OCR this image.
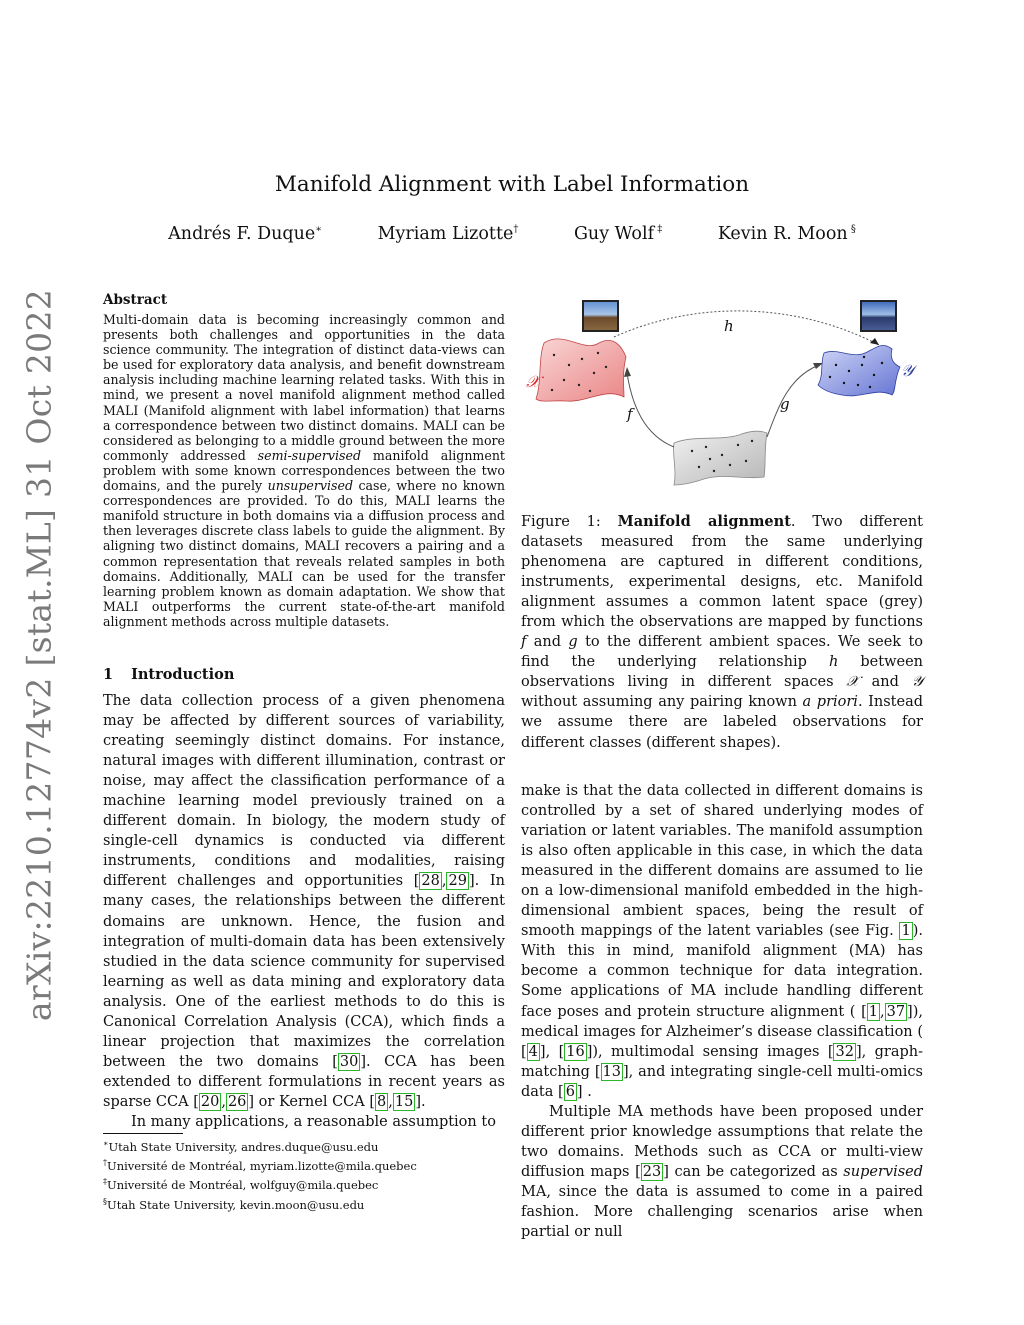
arXiv:2210.12774v2 [stat.ML] 31 Oct 2022
Manifold Alignment with Label Information
Andrés F. Duque∗	Myriam Lizotte†	Guy Wolf ‡	Kevin R. Moon §
Abstract
Multi-domain data is becoming increasingly common and presents both challenges and opportunities in the data science community. The integration of distinct data-views can be used for exploratory data analysis, and benefit downstream analysis including machine learning related tasks. With this in mind, we present a novel manifold alignment method called MALI (Manifold alignment with label information) that learns a correspondence between two distinct domains. MALI can be considered as belonging to a middle ground between the more commonly addressed semi-supervised manifold alignment problem with some known correspondences between the two domains, and the purely unsupervised case, where no known correspondences are provided. To do this, MALI learns the manifold structure in both domains via a diffusion process and then leverages discrete class labels to guide the alignment. By aligning two distinct domains, MALI recovers a pairing and a common representation that reveals related samples in both domains. Additionally, MALI can be used for the transfer learning problem known as domain adaptation. We show that MALI outperforms the current state-of-the-art manifold alignment methods across multiple datasets.
1 Introduction

The data collection process of a given phenomena may be affected by different sources of variability, creating seemingly distinct domains. For instance, natural images with different illumination, contrast or noise, may affect the classification performance of a machine learning model previously trained on a different domain. In biology, the modern study of single-cell dynamics is conducted via different instruments, conditions and modalities, raising different challenges and opportunities [ 28 , 29 ]. In many cases, the relationships between the different domains are unknown. Hence, the fusion and integration of multi-domain data has been extensively studied in the data science community for supervised learning as well as data mining and exploratory data analysis. One of the earliest methods to do this is Canonical Correlation Analysis (CCA), which finds a linear projection that maximizes the correlation between the two domains [ 30 ]. CCA has been extended to different formulations in recent years as sparse CCA [ 20 , 26 ] or Kernel CCA [ 8 , 15 ].

In many applications, a reasonable assumption to

𝒳
𝒴
h
f
g
Figure 1: Manifold alignment. Two different datasets measured from the same underlying phenomena are captured in different conditions, instruments, experimental designs, etc. Manifold alignment assumes a common latent space (grey) from which the observations are mapped by functions f and g to the different ambient spaces. We seek to find the underlying relationship h between observations living in different spaces 𝒳 and 𝒴 without assuming any pairing known a priori. Instead we assume there are labeled observations for different classes (different shapes).

make is that the data collected in different domains is controlled by a set of shared underlying modes of variation or latent variables. The manifold assumption is also often applicable in this case, in which the data measured in the different domains are assumed to lie on a low-dimensional manifold embedded in the high-dimensional ambient spaces, being the result of smooth mappings of the latent variables (see Fig. 1 ). With this in mind, manifold alignment (MA) has become a common technique for data integration. Some applications of MA include handling different face poses and protein structure alignment ( [ 1 , 37 ]), medical images for Alzheimer’s disease classification ( [ 4 ], [ 16 ]), multimodal sensing images [ 32 ], graph-matching [ 13 ], and integrating single-cell multi-omics data [ 6 ] .

Multiple MA methods have been proposed under different prior knowledge assumptions that relate the two domains. Methods such as CCA or multi-view diffusion maps [ 23 ] can be categorized as supervised MA, since the data is assumed to come in a paired fashion. More challenging scenarios arise when partial or null

∗Utah State University, andres.duque@usu.edu
†Université de Montréal, myriam.lizotte@mila.quebec
‡Université de Montréal, wolfguy@mila.quebec
§Utah State University, kevin.moon@usu.edu
